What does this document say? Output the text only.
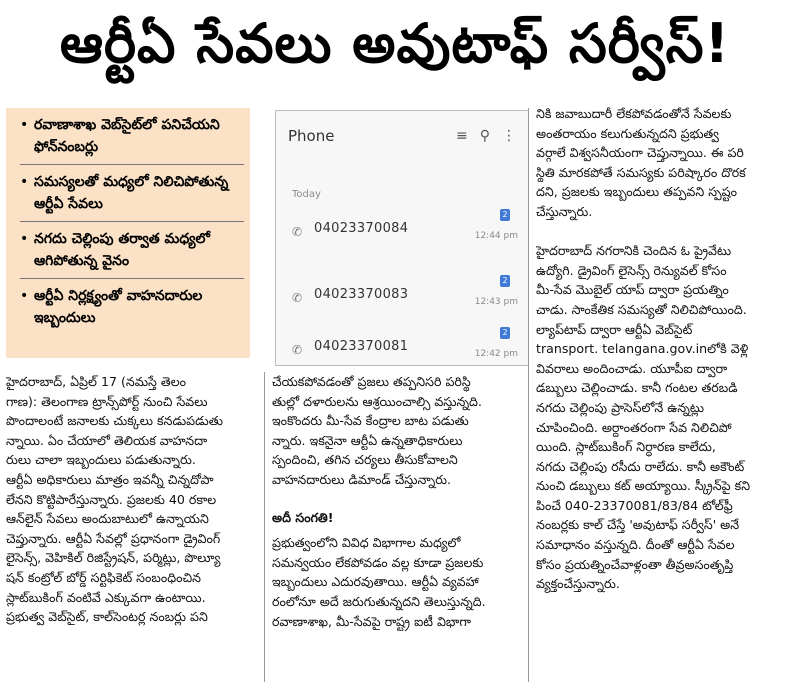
ఆర్టీఏ సేవలు అవుటాఫ్‌ సర్వీస్‌!
• రవాణాశాఖ వెబ్‌సైట్‌లో పనిచేయని ఫోన్‌నంబర్లు
• సమస్యలతో మధ్యలో నిలిచిపోతున్న ఆర్టీఏ సేవలు
• నగదు చెల్లింపు తర్వాత మధ్యలో ఆగిపోతున్న వైనం
• ఆర్టీఏ నిర్లక్ష్యంతో వాహనదారుల ఇబ్బందులు
Phone	≡ ⚲ ⋮
Today
✆ 04023370084
2
12:44 pm
✆ 04023370083
2
12:43 pm
✆ 04023370081
2
12:42 pm

హైదరాబాద్, ఏప్రిల్ 17 (నమస్తే తెలం

గాణ): తెలంగాణ ట్రాన్స్‌పోర్ట్ నుంచి సేవలు

పొందాలంటే జనాలకు చుక్కలు కనడుపడుతు

న్నాయి. ఏం చేయాలో తెలియక వాహనదా

రులు చాలా ఇబ్బందులు పడుతున్నారు.

ఆర్టీఏ అధికారులు మాత్రం ఇవన్నీ చిన్నదోపా

లేనని కొట్టిపారేస్తున్నారు. ప్రజలకు 40 రకాల

ఆన్‌లైన్ సేవలు అందుబాటులో ఉన్నాయని

చెప్తున్నారు. ఆర్టీఏ సేవల్లో ప్రధానంగా డ్రైవింగ్

లైసెన్స్, వెహికిల్ రిజిస్ట్రేషన్, పర్మిట్లు, పొల్యూ

షన్ కంట్రోల్ బోర్డ్ సర్టిఫికెట్ సంబంధించిన

స్లాట్‌బుకింగ్ వంటివే ఎక్కువగా ఉంటాయి.

ప్రభుత్వ వెబ్‌సైట్, కాల్‌సెంటర్ల నంబర్లు పని

చేయకపోవడంతో ప్రజలు తప్పనిసరి పరిస్థి

తుల్లో దళారులను ఆశ్రయించాల్సి వస్తున్నది.

ఇంకొందరు మీ-సేవ కేంద్రాల బాట పడుతు

న్నారు. ఇకనైనా ఆర్టీఏ ఉన్నతాధికారులు

స్పందించి, తగిన చర్యలు తీసుకోవాలని

వాహనదారులు డిమాండ్ చేస్తున్నారు.

అదీ సంగతి!

ప్రభుత్వంలోని వివిధ విభాగాల మధ్యలో

సమన్వయం లేకపోవడం వల్ల కూడా ప్రజలకు

ఇబ్బందులు ఎదురవుతాయి. ఆర్టీఏ వ్యవహా

రంలోనూ అదే జరుగుతున్నదని తెలుస్తున్నది.

రవాణాశాఖ, మీ-సేవపై రాష్ట్ర ఐటీ విభాగా

నికి జవాబుదారీ లేకపోవడంతోనే సేవలకు

అంతరాయం కలుగుతున్నదని ప్రభుత్వ

వర్గాలే విశ్వసనీయంగా చెప్తున్నాయి. ఈ పరి

స్థితి మారకపోతే సమస్యకు పరిష్కారం దొరక

దని, ప్రజలకు ఇబ్బందులు తప్పవని స్పష్టం

చేస్తున్నారు.

హైదరాబాద్ నగరానికి చెందిన ఓ ప్రైవేటు

ఉద్యోగి. డ్రైవింగ్ లైసెన్స్ రెన్యువల్ కోసం

మీ-సేవ మొబైల్ యాప్ ద్వారా ప్రయత్నిం

చాడు. సాంకేతిక సమస్యతో నిలిచిపోయింది.

ల్యాప్‌టాప్ ద్వారా ఆర్టీఏ వెబ్‌సైట్

transport. telangana.gov.inలోకి వెళ్లి

వివరాలు అందించాడు. యూపీఐ ద్వారా

డబ్బులు చెల్లించాడు. కానీ గంటల తరబడి

నగదు చెల్లింపు ప్రాసెస్‌లోనే ఉన్నట్లు

చూపించింది. అర్ధాంతరంగా సేవ నిలిచిపో

యింది. స్లాట్‌బుకింగ్ నిర్ధారణ కాలేదు,

నగదు చెల్లింపు రసీదు రాలేదు. కానీ అకౌంట్

నుంచి డబ్బులు కట్ అయ్యాయి. స్క్రీన్‌పై కని

పించే 040-23370081/83/84 టోల్‌ఫ్రీ

నంబర్లకు కాల్ చేస్తే 'అవుటాఫ్ సర్వీస్' అనే

సమాధానం వస్తున్నది. దీంతో ఆర్టీఏ సేవల

కోసం ప్రయత్నించేవాళ్లంతా తీవ్రఅసంతృప్తి

వ్యక్తంచేస్తున్నారు.
